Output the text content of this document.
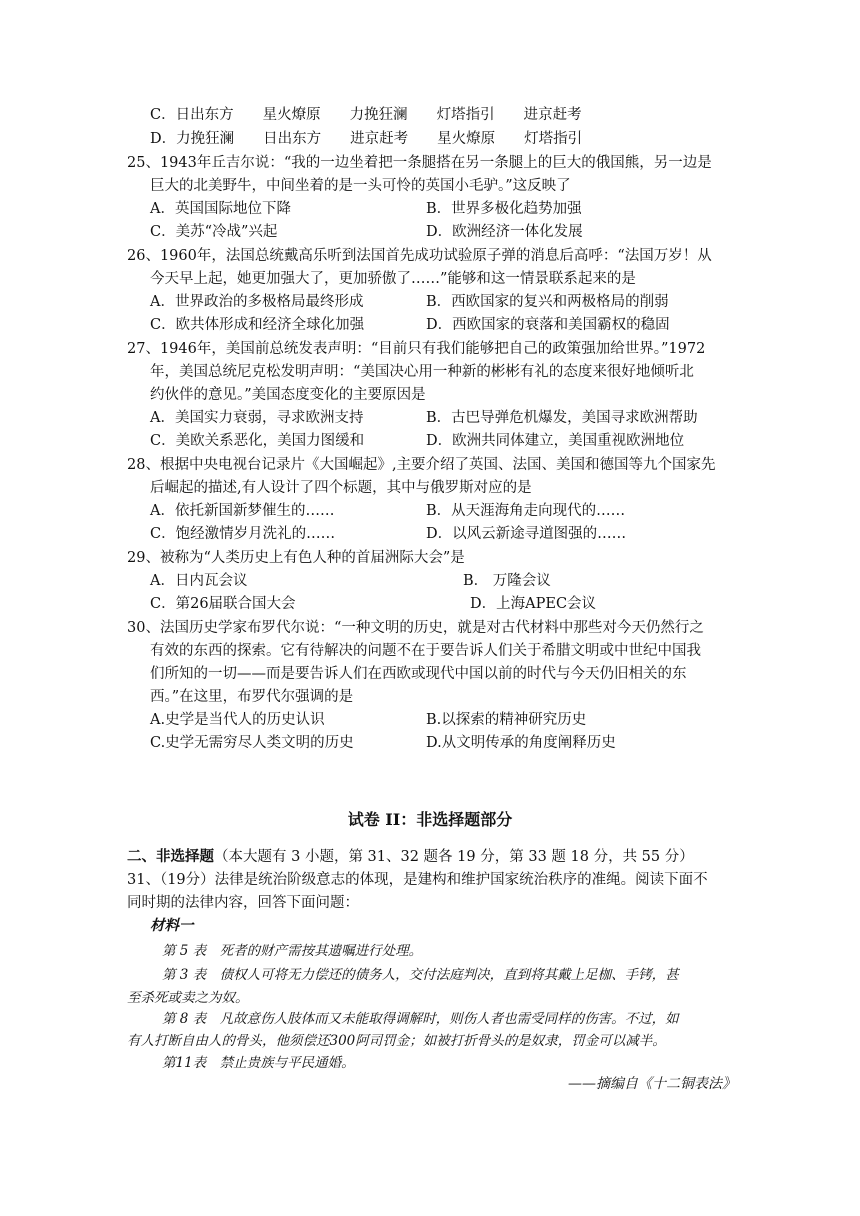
C．日出东方　　星火燎原　　力挽狂澜　　灯塔指引　　进京赶考
D．力挽狂澜　　日出东方　　进京赶考　　星火燎原　　灯塔指引
25、1943年丘吉尔说：“我的一边坐着把一条腿搭在另一条腿上的巨大的俄国熊，另一边是
巨大的北美野牛，中间坐着的是一头可怜的英国小毛驴。”这反映了
A．英国国际地位下降	B．世界多极化趋势加强
C．美苏“冷战”兴起	D．欧洲经济一体化发展
26、1960年，法国总统戴高乐听到法国首先成功试验原子弹的消息后高呼：“法国万岁！从
今天早上起，她更加强大了，更加骄傲了……”能够和这一情景联系起来的是
A．世界政治的多极格局最终形成	B．西欧国家的复兴和两极格局的削弱
C．欧共体形成和经济全球化加强	D．西欧国家的衰落和美国霸权的稳固
27、1946年，美国前总统发表声明：“目前只有我们能够把自己的政策强加给世界。”1972
年，美国总统尼克松发明声明：“美国决心用一种新的彬彬有礼的态度来很好地倾听北
约伙伴的意见。”美国态度变化的主要原因是
A．美国实力衰弱，寻求欧洲支持	B．古巴导弹危机爆发，美国寻求欧洲帮助
C．美欧关系恶化，美国力图缓和	D．欧洲共同体建立，美国重视欧洲地位
28、根据中央电视台记录片《大国崛起》,主要介绍了英国、法国、美国和德国等九个国家先
后崛起的描述,有人设计了四个标题，其中与俄罗斯对应的是
A．依托新国新梦催生的……	B．从天涯海角走向现代的……
C．饱经激情岁月洗礼的……	D．以风云新途寻道图强的……
29、被称为“人类历史上有色人种的首届洲际大会”是
A．日内瓦会议	B． 万隆会议
C．第26届联合国大会	D．上海APEC会议
30、法国历史学家布罗代尔说：“一种文明的历史，就是对古代材料中那些对今天仍然行之
有效的东西的探索。它有待解决的问题不在于要告诉人们关于希腊文明或中世纪中国我
们所知的一切——而是要告诉人们在西欧或现代中国以前的时代与今天仍旧相关的东
西。”在这里，布罗代尔强调的是
A.史学是当代人的历史认识	B.以探索的精神研究历史
C.史学无需穷尽人类文明的历史	D.从文明传承的角度阐释历史
试卷 II：非选择题部分
二、非选择题（本大题有 3 小题，第 31、32 题各 19 分，第 33 题 18 分，共 55 分）
31、（19分）法律是统治阶级意志的体现，是建构和维护国家统治秩序的准绳。阅读下面不
同时期的法律内容，回答下面问题：
材料一
第 5 表　死者的财产需按其遗嘱进行处理。
第 3 表　债权人可将无力偿还的债务人，交付法庭判决，直到将其戴上足枷、手铐，甚
至杀死或卖之为奴。
第 8 表　凡故意伤人肢体而又未能取得调解时，则伤人者也需受同样的伤害。不过，如
有人打断自由人的骨头，他须偿还300阿司罚金；如被打折骨头的是奴隶，罚金可以减半。
第11表　禁止贵族与平民通婚。
——摘编自《十二铜表法》
